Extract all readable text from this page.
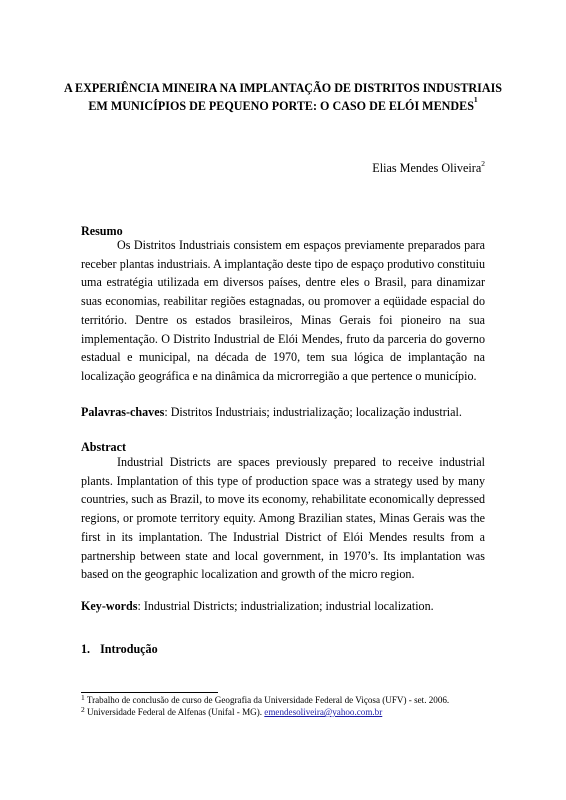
A EXPERIÊNCIA MINEIRA NA IMPLANTAÇÃO DE DISTRITOS INDUSTRIAIS
EM MUNICÍPIOS DE PEQUENO PORTE: O CASO DE ELÓI MENDES$^1$
Elias Mendes Oliveira$^2$
Resumo

Os Distritos Industriais consistem em espaços previamente preparados para receber plantas industriais. A implantação deste tipo de espaço produtivo constituiu uma estratégia utilizada em diversos países, dentre eles o Brasil, para dinamizar suas economias, reabilitar regiões estagnadas, ou promover a eqüidade espacial do território. Dentre os estados brasileiros, Minas Gerais foi pioneiro na sua implementação. O Distrito Industrial de Elói Mendes, fruto da parceria do governo estadual e municipal, na década de 1970, tem sua lógica de implantação na localização geográfica e na dinâmica da microrregião a que pertence o município.

Palavras-chaves: Distritos Industriais; industrialização; localização industrial.
Abstract

Industrial Districts are spaces previously prepared to receive industrial plants. Implantation of this type of production space was a strategy used by many countries, such as Brazil, to move its economy, rehabilitate economically depressed regions, or promote territory equity. Among Brazilian states, Minas Gerais was the first in its implantation. The Industrial District of Elói Mendes results from a partnership between state and local government, in 1970’s. Its implantation was based on the geographic localization and growth of the micro region.

Key-words: Industrial Districts; industrialization; industrial localization.
1. Introdução
$^1$ Trabalho de conclusão de curso de Geografia da Universidade Federal de Viçosa (UFV) - set. 2006.
$^2$ Universidade Federal de Alfenas (Unifal - MG). emendesoliveira@yahoo.com.br
